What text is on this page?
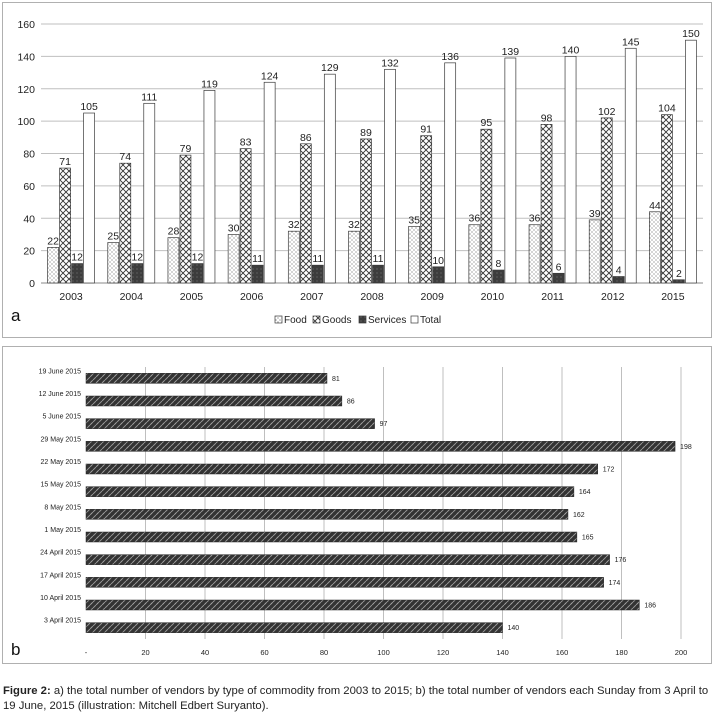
0
20
40
60
80
100
120
140
160
22
71
12
105
2003
25
74
12
111
2004
28
79
12
119
2005
30
83
11
124
2006
32
86
11
129
2007
32
89
11
132
2008
35
91
10
136
2009
36
95
8
139
2010
36
98
6
140
2011
39
102
4
145
2012
44
104
2
150
2015
Food Goods Services Total
a
-	20	40	60	80	100	120	140	160	180	200
19 June 2015
81
12 June 2015
86
5 June 2015
97
29 May 2015
198
22 May 2015
172
15 May 2015
164
8 May 2015
162
1 May 2015
165
24 April 2015
176
17 April 2015
174
10 April 2015
186
3 April 2015
140
b
Figure 2: a) the total number of vendors by type of commodity from 2003 to 2015; b) the total number of vendors each Sunday from 3 April to 19 June, 2015 (illustration: Mitchell Edbert Suryanto).
